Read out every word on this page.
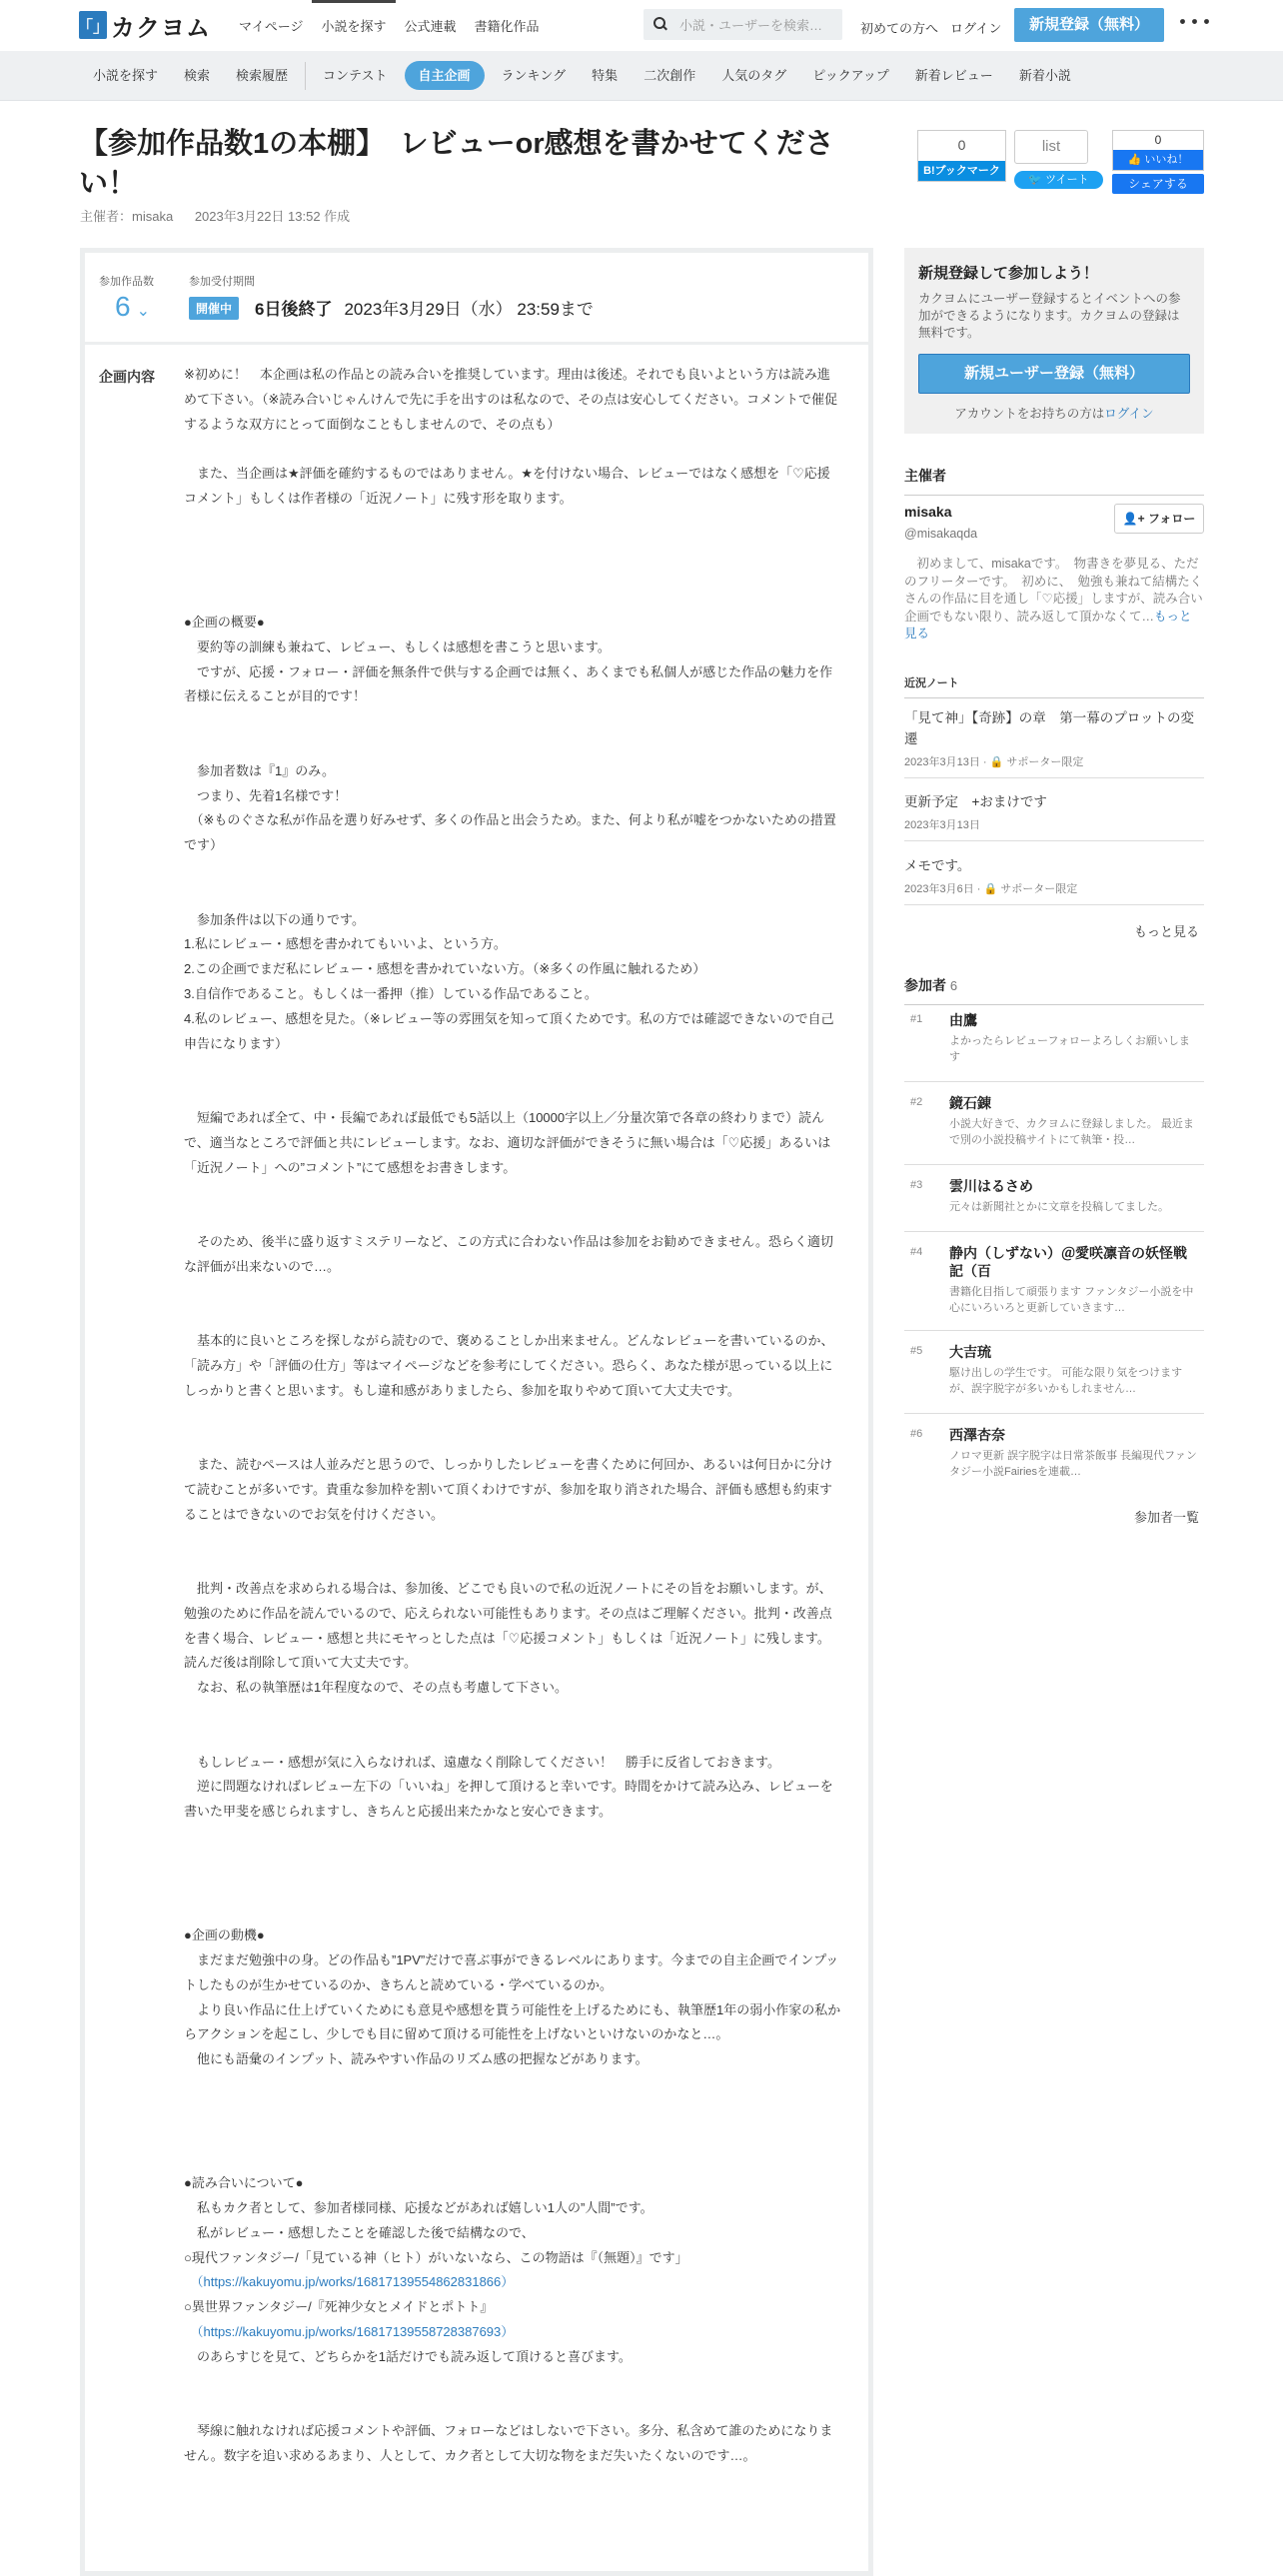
「」 カクヨム	マイページ	小説を探す	公式連載	書籍化作品	小説・ユーザーを検索…	初めての方へ ログイン	新規登録（無料）	･･･
小説を探す	検索	検索履歴	コンテスト	自主企画	ランキング	特集	二次創作	人気のタグ	ピックアップ	新着レビュー	新着小説
【参加作品数1の本棚】　レビューor感想を書かせてください！
主催者：misaka 2023年3月22日 13:52 作成
0
B!ブックマーク
list
🐦 ツイート
0
👍 いいね！
シェアする
参加作品数
6 ⌄
参加受付期間
開催中	6日後終了 2023年3月29日（水） 23:59まで
企画内容 ※初めに！　本企画は私の作品との読み合いを推奨しています。理由は後述。それでも良いよという方は読み進めて下さい。（※読み合いじゃんけんで先に手を出すのは私なので、その点は安心してください。コメントで催促するような双方にとって面倒なこともしませんので、その点も）
　また、当企画は★評価を確約するものではありません。★を付けない場合、レビューではなく感想を「♡応援コメント」もしくは作者様の「近況ノート」に残す形を取ります。
●企画の概要●
　要約等の訓練も兼ねて、レビュー、もしくは感想を書こうと思います。
　ですが、応援・フォロー・評価を無条件で供与する企画では無く、あくまでも私個人が感じた作品の魅力を作者様に伝えることが目的です！
　参加者数は『1』のみ。
　つまり、先着1名様です！
　（※ものぐさな私が作品を選り好みせず、多くの作品と出会うため。また、何より私が嘘をつかないための措置です）
　参加条件は以下の通りです。
1.私にレビュー・感想を書かれてもいいよ、という方。
2.この企画でまだ私にレビュー・感想を書かれていない方。（※多くの作風に触れるため）
3.自信作であること。もしくは一番押（推）している作品であること。
4.私のレビュー、感想を見た。（※レビュー等の雰囲気を知って頂くためです。私の方では確認できないので自己申告になります）
　短編であれば全て、中・長編であれば最低でも5話以上（10000字以上／分量次第で各章の終わりまで）読んで、適当なところで評価と共にレビューします。なお、適切な評価ができそうに無い場合は「♡応援」あるいは「近況ノート」への”コメント”にて感想をお書きします。
　そのため、後半に盛り返すミステリーなど、この方式に合わない作品は参加をお勧めできません。恐らく適切な評価が出来ないので…。
　基本的に良いところを探しながら読むので、褒めることしか出来ません。どんなレビューを書いているのか、「読み方」や「評価の仕方」等はマイページなどを参考にしてください。恐らく、あなた様が思っている以上にしっかりと書くと思います。もし違和感がありましたら、参加を取りやめて頂いて大丈夫です。
　また、読むペースは人並みだと思うので、しっかりしたレビューを書くために何回か、あるいは何日かに分けて読むことが多いです。貴重な参加枠を割いて頂くわけですが、参加を取り消された場合、評価も感想も約束することはできないのでお気を付けください。
　批判・改善点を求められる場合は、参加後、どこでも良いので私の近況ノートにその旨をお願いします。が、勉強のために作品を読んでいるので、応えられない可能性もあります。その点はご理解ください。批判・改善点を書く場合、レビュー・感想と共にモヤっとした点は「♡応援コメント」もしくは「近況ノート」に残します。読んだ後は削除して頂いて大丈夫です。
　なお、私の執筆歴は1年程度なので、その点も考慮して下さい。
　もしレビュー・感想が気に入らなければ、遠慮なく削除してください！　勝手に反省しておきます。
　逆に問題なければレビュー左下の「いいね」を押して頂けると幸いです。時間をかけて読み込み、レビューを書いた甲斐を感じられますし、きちんと応援出来たかなと安心できます。
●企画の動機●
　まだまだ勉強中の身。どの作品も”1PV”だけで喜ぶ事ができるレベルにあります。今までの自主企画でインプットしたものが生かせているのか、きちんと読めている・学べているのか。
　より良い作品に仕上げていくためにも意見や感想を貰う可能性を上げるためにも、執筆歴1年の弱小作家の私からアクションを起こし、少しでも目に留めて頂ける可能性を上げないといけないのかなと…。
　他にも語彙のインプット、読みやすい作品のリズム感の把握などがあります。
●読み合いについて●
　私もカク者として、参加者様同様、応援などがあれば嬉しい1人の”人間”です。
　私がレビュー・感想したことを確認した後で結構なので、
○現代ファンタジー/「見ている神（ヒト）がいないなら、この物語は『（無題）』です」
　（https://kakuyomu.jp/works/16817139554862831866）
○異世界ファンタジー/『死神少女とメイドとポトト』
　（https://kakuyomu.jp/works/16817139558728387693）
　のあらすじを見て、どちらかを1話だけでも読み返して頂けると喜びます。
　琴線に触れなければ応援コメントや評価、フォローなどはしないで下さい。多分、私含めて誰のためになりません。数字を追い求めるあまり、人として、カク者として大切な物をまだ失いたくないのです…。
新規登録して参加しよう！

カクヨムにユーザー登録するとイベントへの参加ができるようになります。カクヨムの登録は無料です。

新規ユーザー登録（無料）
アカウントをお持ちの方はログイン
主催者
misaka
@misakaqda
👤+ フォロー
　初めまして、misakaです。　物書きを夢見る、ただのフリーターです。　初めに、　勉強も兼ねて結構たくさんの作品に目を通し「♡応援」しますが、読み合い企画でもない限り、読み返して頂かなくて…もっと見る
近況ノート
「見て神」【奇跡】の章　第一幕のプロットの変遷
2023年3月13日 · 🔒 サポーター限定
更新予定　+おまけです
2023年3月13日
メモです。
2023年3月6日 · 🔒 サポーター限定
もっと見る
参加者 6
#1 由鷹
よかったらレビューフォローよろしくお願いします
#2 鏡石錬
小説大好きで、カクヨムに登録しました。 最近まで別の小説投稿サイトにて執筆・投…
#3 雲川はるさめ
元々は新聞社とかに文章を投稿してました。
#4 静内（しずない）＠愛咲凛音の妖怪戦記（百
書籍化目指して頑張ります ファンタジー小説を中心にいろいろと更新していきます…
#5 大吉琉
駆け出しの学生です。 可能な限り気をつけますが、誤字脱字が多いかもしれません…
#6 西澤杏奈
ノロマ更新 誤字脱字は日常茶飯事 長編現代ファンタジー小説Fairiesを連載…
参加者一覧
